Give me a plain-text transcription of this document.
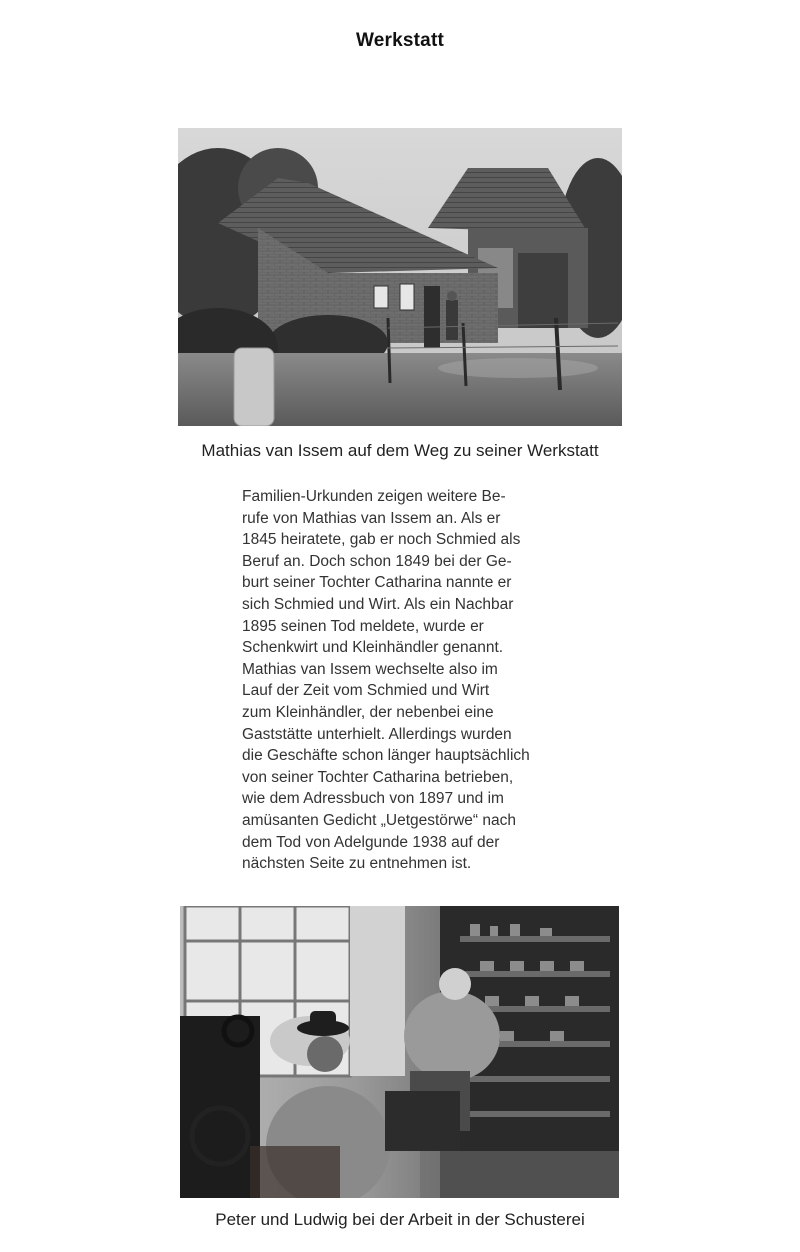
Werkstatt
Mathias van Issem auf dem Weg zu seiner Werkstatt
Familien-Urkunden zeigen weitere Be-
rufe von Mathias van Issem an. Als er
1845 heiratete, gab er noch Schmied als
Beruf an. Doch schon 1849 bei der Ge-
burt seiner Tochter Catharina nannte er
sich Schmied und Wirt. Als ein Nachbar
1895 seinen Tod meldete, wurde er
Schenkwirt und Kleinhändler genannt.
Mathias van Issem wechselte also im
Lauf der Zeit vom Schmied und Wirt
zum Kleinhändler, der nebenbei eine
Gaststätte unterhielt. Allerdings wurden
die Geschäfte schon länger hauptsächlich
von seiner Tochter Catharina betrieben,
wie dem Adressbuch von 1897 und im
amüsanten Gedicht „Uetgestörwe“ nach
dem Tod von Adelgunde 1938 auf der
nächsten Seite zu entnehmen ist.
Peter und Ludwig bei der Arbeit in der Schusterei
